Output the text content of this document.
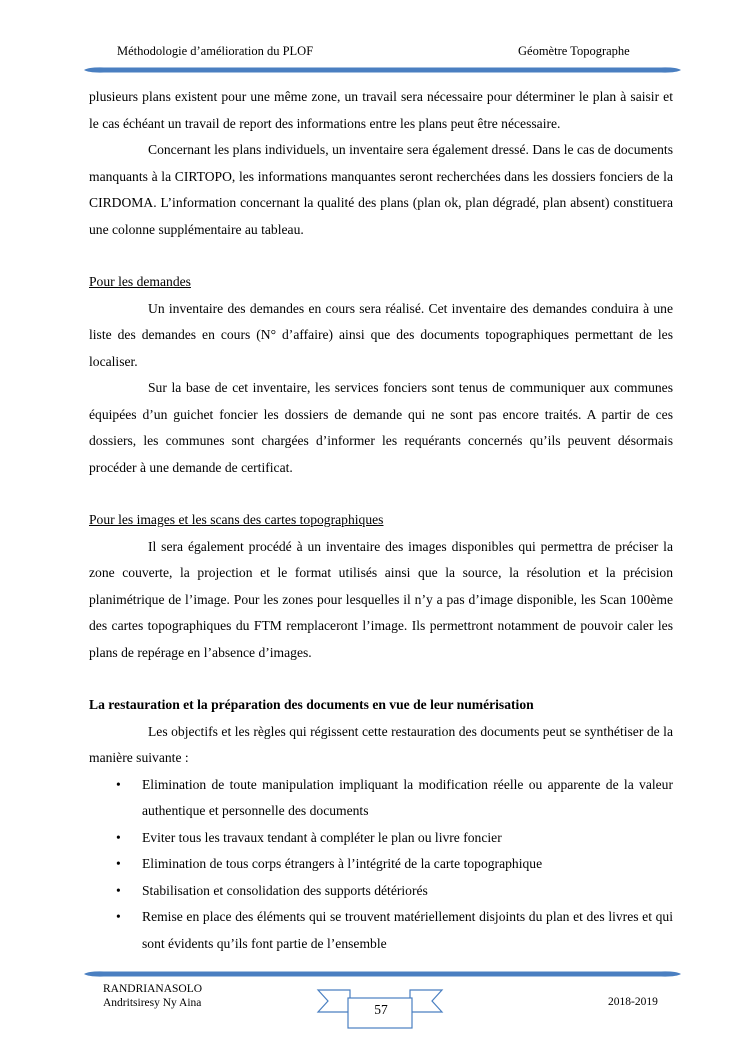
Méthodologie d’amélioration du PLOF	Géomètre Topographe

plusieurs plans existent pour une même zone, un travail sera nécessaire pour déterminer le plan à saisir et le cas échéant un travail de report des informations entre les plans peut être nécessaire.

Concernant les plans individuels, un inventaire sera également dressé. Dans le cas de documents manquants à la CIRTOPO, les informations manquantes seront recherchées dans les dossiers fonciers de la CIRDOMA. L’information concernant la qualité des plans (plan ok, plan dégradé, plan absent) constituera une colonne supplémentaire au tableau.

Pour les demandes

Un inventaire des demandes en cours sera réalisé. Cet inventaire des demandes conduira à une liste des demandes en cours (N° d’affaire) ainsi que des documents topographiques permettant de les localiser.

Sur la base de cet inventaire, les services fonciers sont tenus de communiquer aux communes équipées d’un guichet foncier les dossiers de demande qui ne sont pas encore traités. A partir de ces dossiers, les communes sont chargées d’informer les requérants concernés qu’ils peuvent désormais procéder à une demande de certificat.

Pour les images et les scans des cartes topographiques

Il sera également procédé à un inventaire des images disponibles qui permettra de préciser la zone couverte, la projection et le format utilisés ainsi que la source, la résolution et la précision planimétrique de l’image. Pour les zones pour lesquelles il n’y a pas d’image disponible, les Scan 100ème des cartes topographiques du FTM remplaceront l’image. Ils permettront notamment de pouvoir caler les plans de repérage en l’absence d’images.

La restauration et la préparation des documents en vue de leur numérisation

Les objectifs et les règles qui régissent cette restauration des documents peut se synthétiser de la manière suivante :

• Elimination de toute manipulation impliquant la modification réelle ou apparente de la valeur authentique et personnelle des documents
• Eviter tous les travaux tendant à compléter le plan ou livre foncier
• Elimination de tous corps étrangers à l’intégrité de la carte topographique
• Stabilisation et consolidation des supports détériorés
• Remise en place des éléments qui se trouvent matériellement disjoints du plan et des livres et qui sont évidents qu’ils font partie de l’ensemble
RANDRIANASOLO
Andritsiresy Ny Aina	57	2018-2019
